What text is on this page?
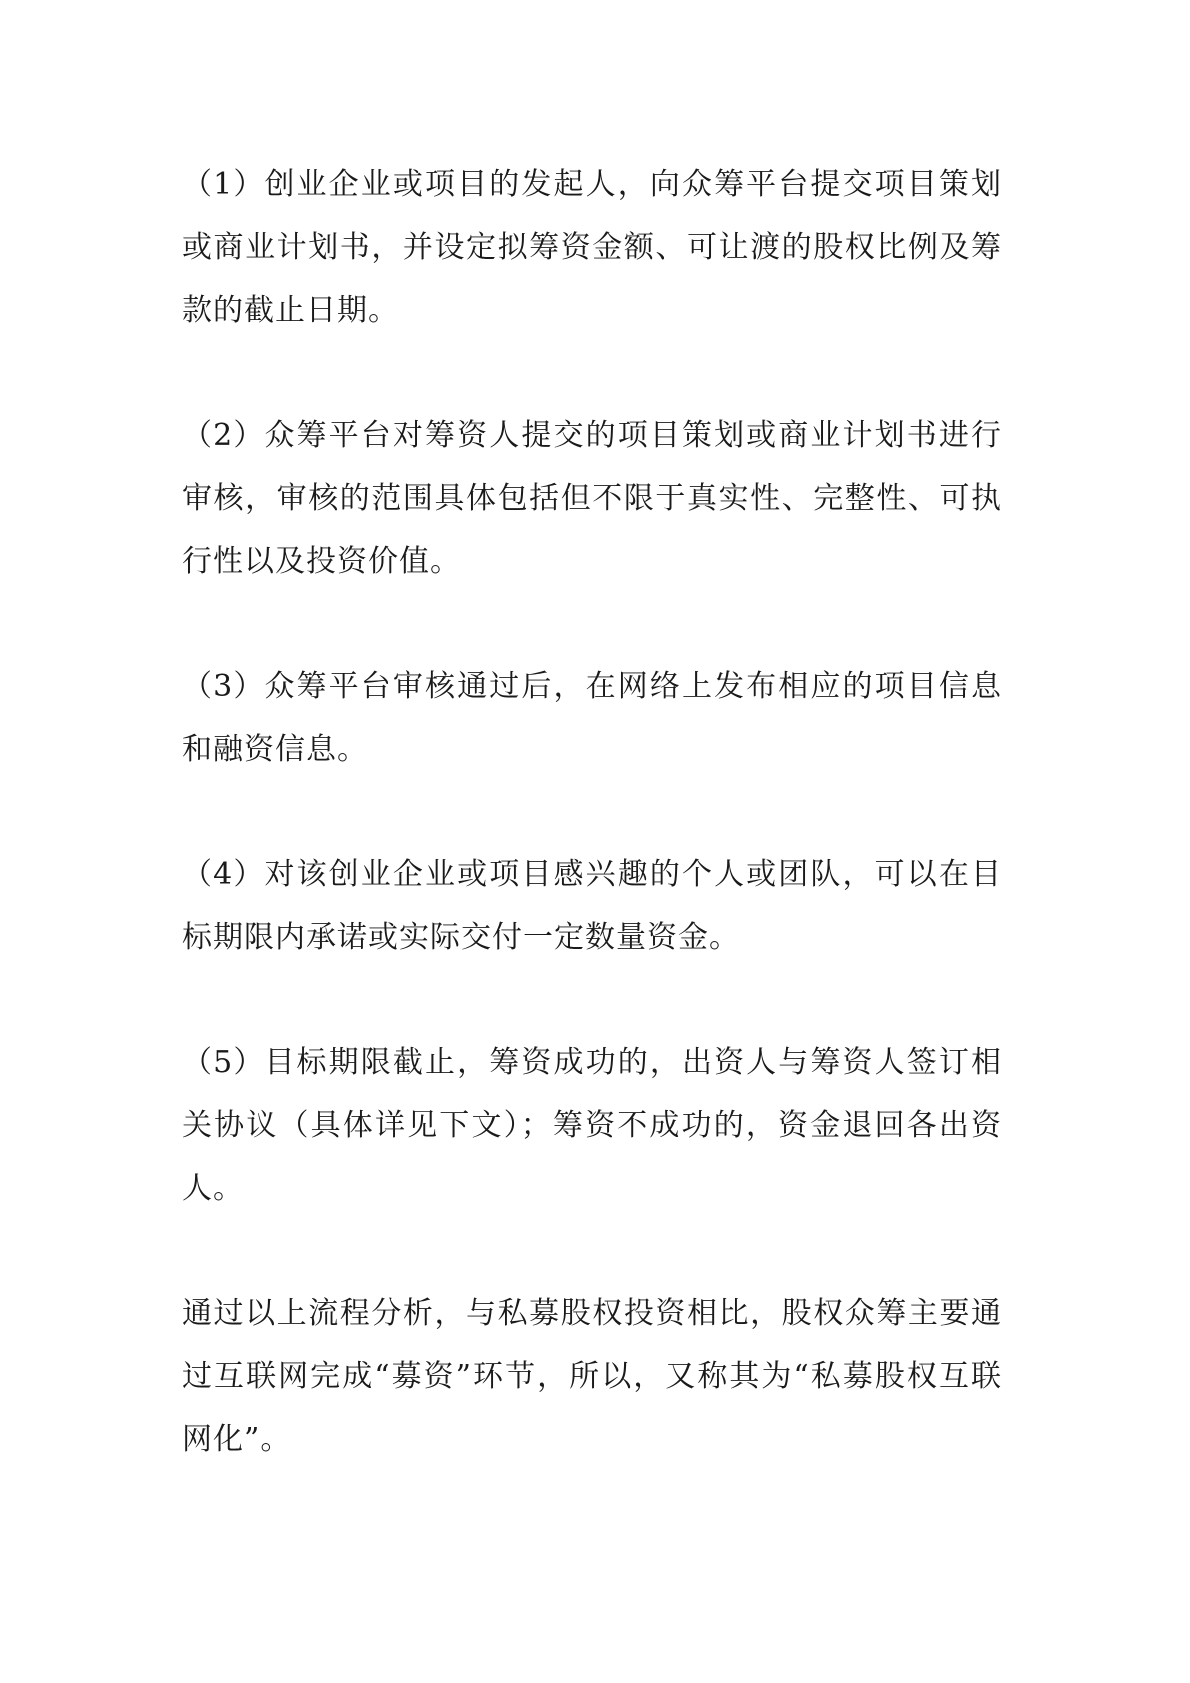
（1）创业企业或项目的发起人，向众筹平台提交项目策划或商业计划书，并设定拟筹资金额、可让渡的股权比例及筹款的截止日期。

（2）众筹平台对筹资人提交的项目策划或商业计划书进行审核，审核的范围具体包括但不限于真实性、完整性、可执行性以及投资价值。

（3）众筹平台审核通过后，在网络上发布相应的项目信息和融资信息。

（4）对该创业企业或项目感兴趣的个人或团队，可以在目标期限内承诺或实际交付一定数量资金。

（5）目标期限截止，筹资成功的，出资人与筹资人签订相关协议（具体详见下文）；筹资不成功的，资金退回各出资人。

通过以上流程分析，与私募股权投资相比，股权众筹主要通过互联网完成“募资”环节，所以，又称其为“私募股权互联网化”。
